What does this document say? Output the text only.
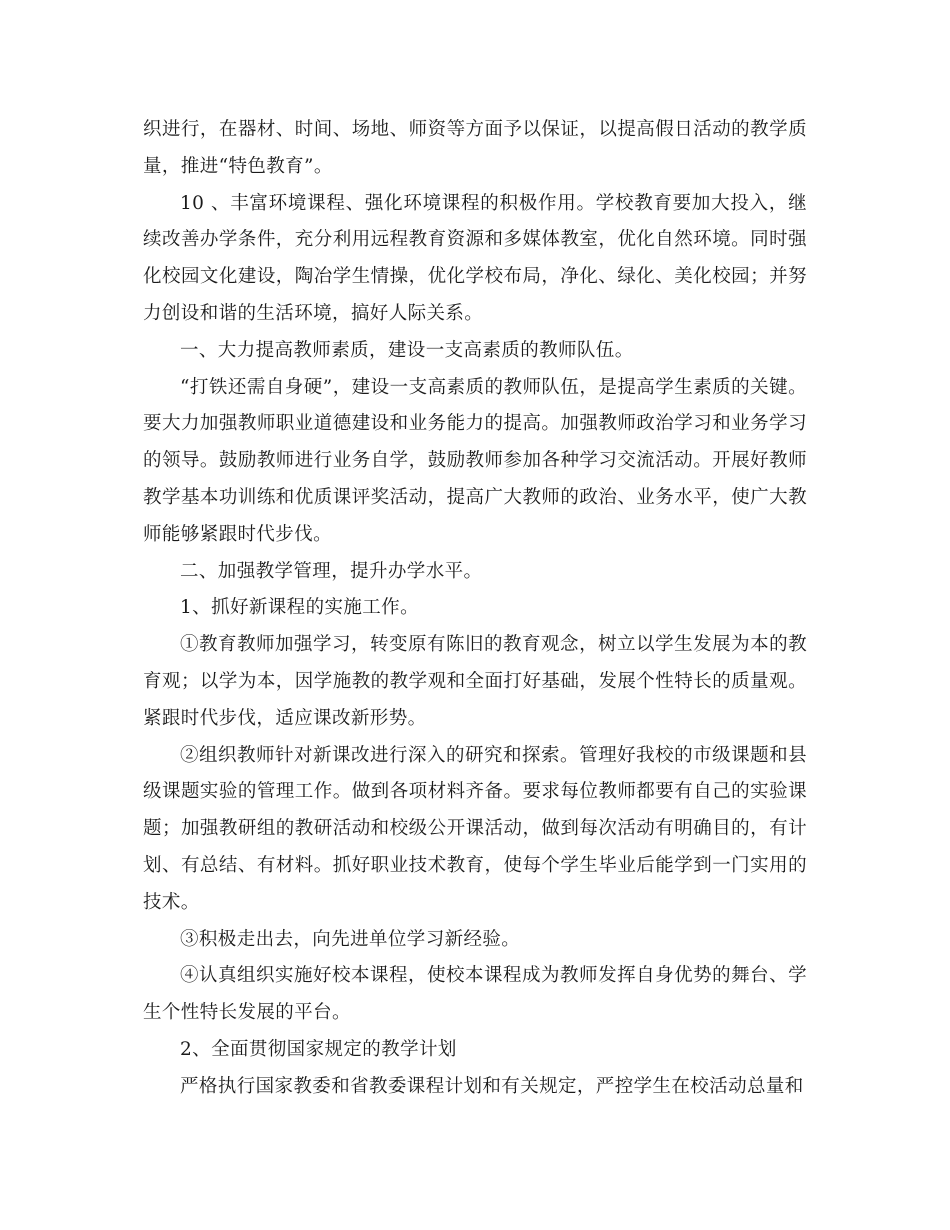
织进行，在器材、时间、场地、师资等方面予以保证，以提高假日活动的教学质量，推进“特色教育”。

10 、丰富环境课程、强化环境课程的积极作用。学校教育要加大投入，继续改善办学条件，充分利用远程教育资源和多媒体教室，优化自然环境。同时强化校园文化建设，陶冶学生情操，优化学校布局，净化、绿化、美化校园；并努力创设和谐的生活环境，搞好人际关系。

一、大力提高教师素质，建设一支高素质的教师队伍。

“打铁还需自身硬”，建设一支高素质的教师队伍，是提高学生素质的关键。要大力加强教师职业道德建设和业务能力的提高。加强教师政治学习和业务学习的领导。鼓励教师进行业务自学，鼓励教师参加各种学习交流活动。开展好教师教学基本功训练和优质课评奖活动，提高广大教师的政治、业务水平，使广大教师能够紧跟时代步伐。

二、加强教学管理，提升办学水平。

1、抓好新课程的实施工作。

①教育教师加强学习，转变原有陈旧的教育观念，树立以学生发展为本的教育观；以学为本，因学施教的教学观和全面打好基础，发展个性特长的质量观。紧跟时代步伐，适应课改新形势。

②组织教师针对新课改进行深入的研究和探索。管理好我校的市级课题和县级课题实验的管理工作。做到各项材料齐备。要求每位教师都要有自己的实验课题；加强教研组的教研活动和校级公开课活动，做到每次活动有明确目的，有计划、有总结、有材料。抓好职业技术教育，使每个学生毕业后能学到一门实用的技术。

③积极走出去，向先进单位学习新经验。

④认真组织实施好校本课程，使校本课程成为教师发挥自身优势的舞台、学生个性特长发展的平台。

2、全面贯彻国家规定的教学计划

严格执行国家教委和省教委课程计划和有关规定，严控学生在校活动总量和
